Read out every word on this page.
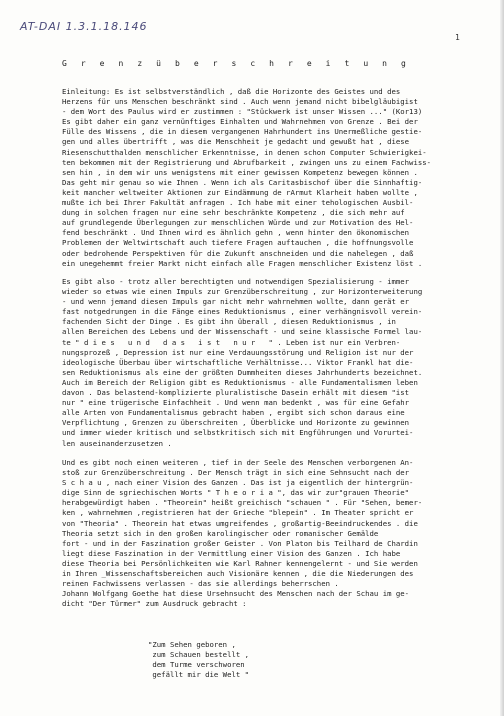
AT-DAI 1.3.1.18.146
1
G r e n z ü b e r s c h r e i t u n g
Einleitung: Es ist selbstverständlich , daß die Horizonte des Geistes und des
Herzens für uns Menschen beschränkt sind . Auch wenn jemand nicht bibelgläubigist
- dem Wort des Paulus wird er zustimmen : "Stückwerk ist unser Wissen ..." (Kor13)
Es gibt daher ein ganz vernünftiges Einhalten und Wahrnehmen von Grenze . Bei der
Fülle des Wissens , die in diesem vergangenen Hahrhundert ins Unermeßliche gestie-
gen und alles übertrifft , was die Menschheit je gedacht und gewußt hat , diese
Riesenschutthalden menschlicher Erkenntnisse, in denen schon Computer Schwierigkei-
ten bekommen mit der Registrierung und Abrufbarkeit , zwingen uns zu einem Fachwiss-
sen hin , in dem wir uns wenigstens mit einer gewissen Kompetenz bewegen können .
Das geht mir genau so wie Ihnen . Wenn ich als Caritasbischof über die Sinnhaftig-
keit mancher weltweiter Aktionen zur Eindämmung de rArmut Klarheit haben wollte ,
mußte ich bei Ihrer Fakultät anfragen . Ich habe mit einer tehologischen Ausbil-
dung in solchen fragen nur eine sehr beschränkte Kompetenz , die sich mehr auf
auf grundlegende Überlegungen zur menschlichen Würde und zur Motivation des Hel-
fend beschränkt . Und Ihnen wird es ähnlich gehn , wenn hinter den ökonomischen
Problemen der Weltwirtschaft auch tiefere Fragen auftauchen , die hoffnungsvolle
oder bedrohende Perspektiven für die Zukunft anschneiden und die nahelegen , daß
ein unegehemmt freier Markt nicht einfach alle Fragen menschlicher Existenz löst .
Es gibt also - trotz aller berechtigten und notwendigen Spezialisierung - immer
wieder so etwas wie einen Impuls zur Grenzüberschreitung , zur Horizonterweiterung
- und wenn jemand diesen Impuls gar nicht mehr wahrnehmen wollte, dann gerät er
fast notgedrungen in die Fänge eines Reduktionismus , einer verhängnisvoll verein-
fachenden Sicht der Dinge . Es gibt ihn überall , diesen Reduktionismus , in
allen Bereichen des Lebens und der Wissenschaft - und seine klassische Formel lau-
te " d i e s   u n d   d a s   i s t   n u r   " . Leben ist nur ein Verbren-
nungsprozeß , Depression ist nur eine Verdauungsstörung und Religion ist nur der
ideologische Überbau über wirtschaftliche Verhältnisse... Viktor Frankl hat die-
sen Reduktionismus als eine der größten Dummheiten dieses Jahrhunderts bezeichnet.
Auch im Bereich der Religion gibt es Reduktionismus - alle Fundamentalismen leben
davon . Das belastend-komplizierte pluralistische Dasein erhält mit diesem "ist
nur " eine trügerische Einfachheit . Und wenn man bedenkt , was für eine Gefahr
alle Arten von Fundamentalismus gebracht haben , ergibt sich schon daraus eine
Verpflichtung , Grenzen zu überschreiten , Überblicke und Horizonte zu gewinnen
und immer wieder kritisch und selbstkritisch sich mit Engführungen und Vorurtei-
len auseinanderzusetzen .
Und es gibt noch einen weiteren , tief in der Seele des Menschen verborgenen An-
stoß zur Grenzüberschreitung . Der Mensch trägt in sich eine Sehnsucht nach der
S c h a u , nach einer Vision des Ganzen . Das ist ja eigentlich der hintergrün-
dige Sinn de sgriechischen Worts " T h e o r i a ", das wir zur"grauen Theorie"
herabgewürdigt haben . "Theorein" heißt greichisch "schauen " . Für "Sehen, bemer-
ken , wahrnehmen ,registrieren hat der Grieche "blepein" . Im Theater spricht er
von "Theoria" . Theorein hat etwas umgreifendes , großartig-Beeindruckendes . die
Theoria setzt sich in den großen karolingischer oder romanischer Gemälde
fort - und in der Faszination großer Geister . Von Platon bis Teilhard de Chardin
liegt diese Faszination in der Vermittlung einer Vision des Ganzen . Ich habe
diese Theoria bei Persönlichkeiten wie Karl Rahner kennengelernt - und Sie werden
in Ihren _Wissenschaftsbereichen auch Visionäre kennen , die die Niederungen des
reinen Fachwissens verlassen - das sie allerdings beherrschen .
Johann Wolfgang Goethe hat diese Ursehnsucht des Menschen nach der Schau im ge-
dicht "Der Türmer" zum Ausdruck gebracht :
"Zum Sehen geboren ,
zum Schauen bestellt ,
dem Turme verschworen
gefällt mir die Welt "
